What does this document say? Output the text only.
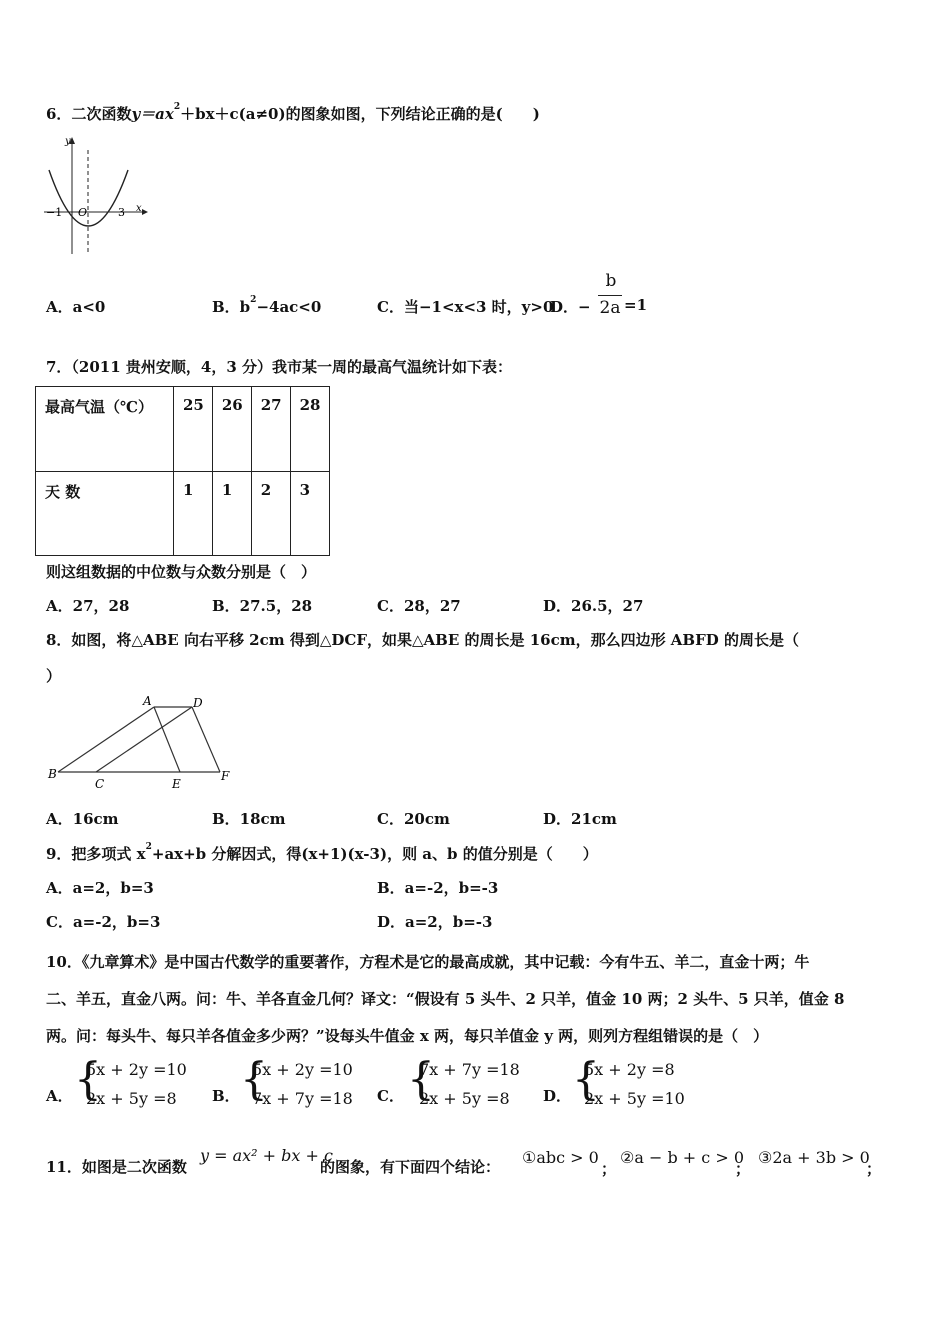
6．二次函数$y=ax^2+bx+c(a\ne 0)$的图象如图，下列结论正确的是( )
y
x
O
−1	3
A．a<0	B．$b^2-4ac<0$	C．当−1<x<3 时，y>0
D．−
b
2a =1
7．（2011 贵州安顺，4，3 分）我市某一周的最高气温统计如下表：
最高气温（℃）	25	26	27	28
天 数	1	1	2	3
则这组数据的中位数与众数分别是（　）
A．27，28	B．27.5，28	C．28，27	D．26.5，27
8．如图，将△ABE 向右平移 2cm 得到△DCF，如果△ABE 的周长是 16cm，那么四边形 ABFD 的周长是（
）
A	D
B
C	E
F
A．16cm	B．18cm	C．20cm	D．21cm
9．把多项式 $x^2+ax+b$ 分解因式，得(x+1)(x-3)，则 a、b 的值分别是（　　）
A．a=2，b=3	B．a=-2，b=-3
C．a=-2，b=3	D．a=2，b=-3
10．《九章算术》是中国古代数学的重要著作，方程术是它的最高成就，其中记载：今有牛五、羊二，直金十两；牛
二、羊五，直金八两。问：牛、羊各直金几何？译文：“假设有 5 头牛、2 只羊，值金 10 两；2 头牛、5 只羊，值金 8
两。问：每头牛、每只羊各值金多少两？”设每头牛值金 x 两，每只羊值金 y 两，则列方程组错误的是（　）
A． {
5x + 2y =10
2x + 5y =8 B． {
5x + 2y =10
7x + 7y =18 C． {
7x + 7y =18
2x + 5y =8 D． {
5x + 2y =8
2x + 5y =10
11．如图是二次函数
y = ax² + bx + c
的图象，有下面四个结论： ①abc > 0
；
②a − b + c > 0
；
③2a + 3b > 0
；
